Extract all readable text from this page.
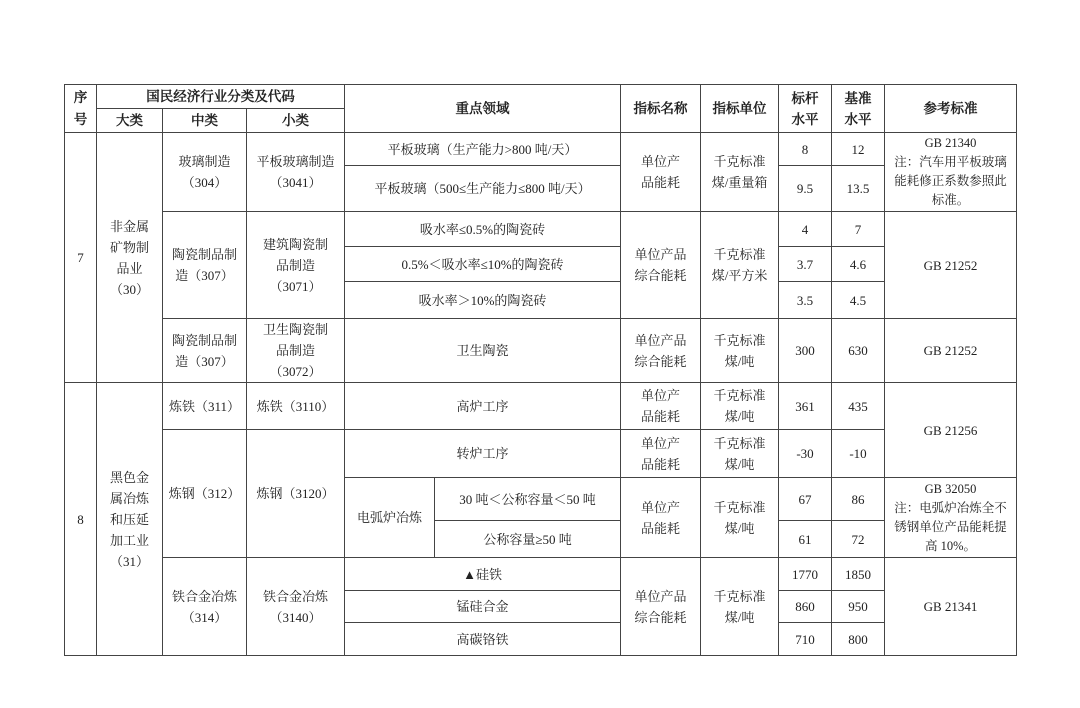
序号	国民经济行业分类及代码			重点领域		指标名称	指标单位	标杆水平	基准水平	参考标准
	大类	中类	小类							
7	非金属矿物制品业（30）	玻璃制造（304）	平板玻璃制造（3041）	平板玻璃（生产能力>800 吨/天）		单位产品能耗	千克标准煤/重量箱	8	12	GB 21340
注：汽车用平板玻璃能耗修正系数参照此标准。

				平板玻璃（500≤生产能力≤800 吨/天）				9.5	13.5	
		陶瓷制品制造（307）	建筑陶瓷制品制造（3071）	吸水率≤0.5%的陶瓷砖		单位产品综合能耗	千克标准煤/平方米	4	7	GB 21252
				0.5%＜吸水率≤10%的陶瓷砖				3.7	4.6	
				吸水率＞10%的陶瓷砖				3.5	4.5	
		陶瓷制品制造（307）	卫生陶瓷制品制造（3072）	卫生陶瓷		单位产品综合能耗	千克标准煤/吨	300	630	GB 21252
8	黑色金属冶炼和压延加工业（31）	炼铁（311）	炼铁（3110）	高炉工序		单位产品能耗	千克标准煤/吨	361	435	GB 21256
		炼钢（312）	炼钢（3120）	转炉工序		单位产品能耗	千克标准煤/吨	-30	-10	
				电弧炉冶炼	30 吨＜公称容量＜50 吨	单位产品能耗	千克标准煤/吨	67	86	GB 32050
注：电弧炉冶炼全不锈钢单位产品能耗提高 10%。

					公称容量≥50 吨			61	72	
		铁合金冶炼（314）	铁合金冶炼（3140）	▲硅铁		单位产品综合能耗	千克标准煤/吨	1770	1850	GB 21341
				锰硅合金				860	950	
				高碳铬铁				710	800	
